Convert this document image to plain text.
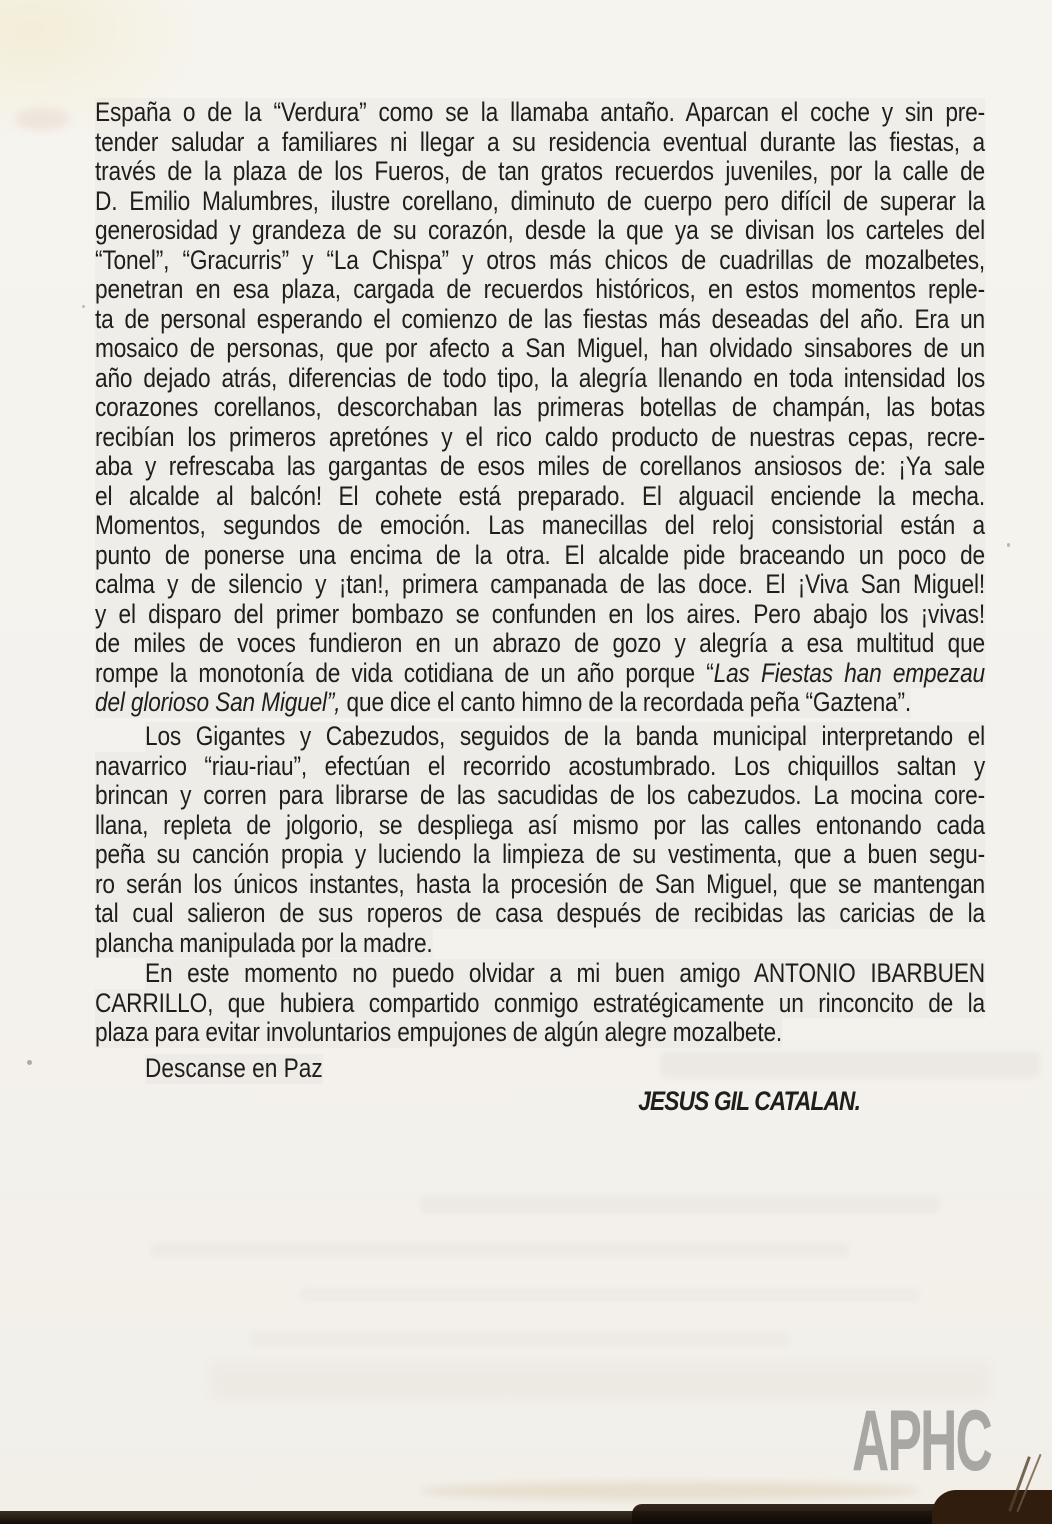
España o de la “Verdura” como se la llamaba antaño. Aparcan el coche y sin pre-
tender saludar a familiares ni llegar a su residencia eventual durante las fiestas, a
través de la plaza de los Fueros, de tan gratos recuerdos juveniles, por la calle de
D. Emilio Malumbres, ilustre corellano, diminuto de cuerpo pero difícil de superar la
generosidad y grandeza de su corazón, desde la que ya se divisan los carteles del
“Tonel”, “Gracurris” y “La Chispa” y otros más chicos de cuadrillas de mozalbetes,
penetran en esa plaza, cargada de recuerdos históricos, en estos momentos reple-
ta de personal esperando el comienzo de las fiestas más deseadas del año. Era un
mosaico de personas, que por afecto a San Miguel, han olvidado sinsabores de un
año dejado atrás, diferencias de todo tipo, la alegría llenando en toda intensidad los
corazones corellanos, descorchaban las primeras botellas de champán, las botas
recibían los primeros apretónes y el rico caldo producto de nuestras cepas, recre-
aba y refrescaba las gargantas de esos miles de corellanos ansiosos de: ¡Ya sale
el alcalde al balcón! El cohete está preparado. El alguacil enciende la mecha.
Momentos, segundos de emoción. Las manecillas del reloj consistorial están a
punto de ponerse una encima de la otra. El alcalde pide braceando un poco de
calma y de silencio y ¡tan!, primera campanada de las doce. El ¡Viva San Miguel!
y el disparo del primer bombazo se confunden en los aires. Pero abajo los ¡vivas!
de miles de voces fundieron en un abrazo de gozo y alegría a esa multitud que
rompe la monotonía de vida cotidiana de un año porque “Las Fiestas han empezau
del glorioso San Miguel”, que dice el canto himno de la recordada peña “Gaztena”.
Los Gigantes y Cabezudos, seguidos de la banda municipal interpretando el
navarrico “riau-riau”, efectúan el recorrido acostumbrado. Los chiquillos saltan y
brincan y corren para librarse de las sacudidas de los cabezudos. La mocina core-
llana, repleta de jolgorio, se despliega así mismo por las calles entonando cada
peña su canción propia y luciendo la limpieza de su vestimenta, que a buen segu-
ro serán los únicos instantes, hasta la procesión de San Miguel, que se mantengan
tal cual salieron de sus roperos de casa después de recibidas las caricias de la
plancha manipulada por la madre.
En este momento no puedo olvidar a mi buen amigo ANTONIO IBARBUEN
CARRILLO, que hubiera compartido conmigo estratégicamente un rinconcito de la
plaza para evitar involuntarios empujones de algún alegre mozalbete.
Descanse en Paz
JESUS GIL CATALAN.
APHC
